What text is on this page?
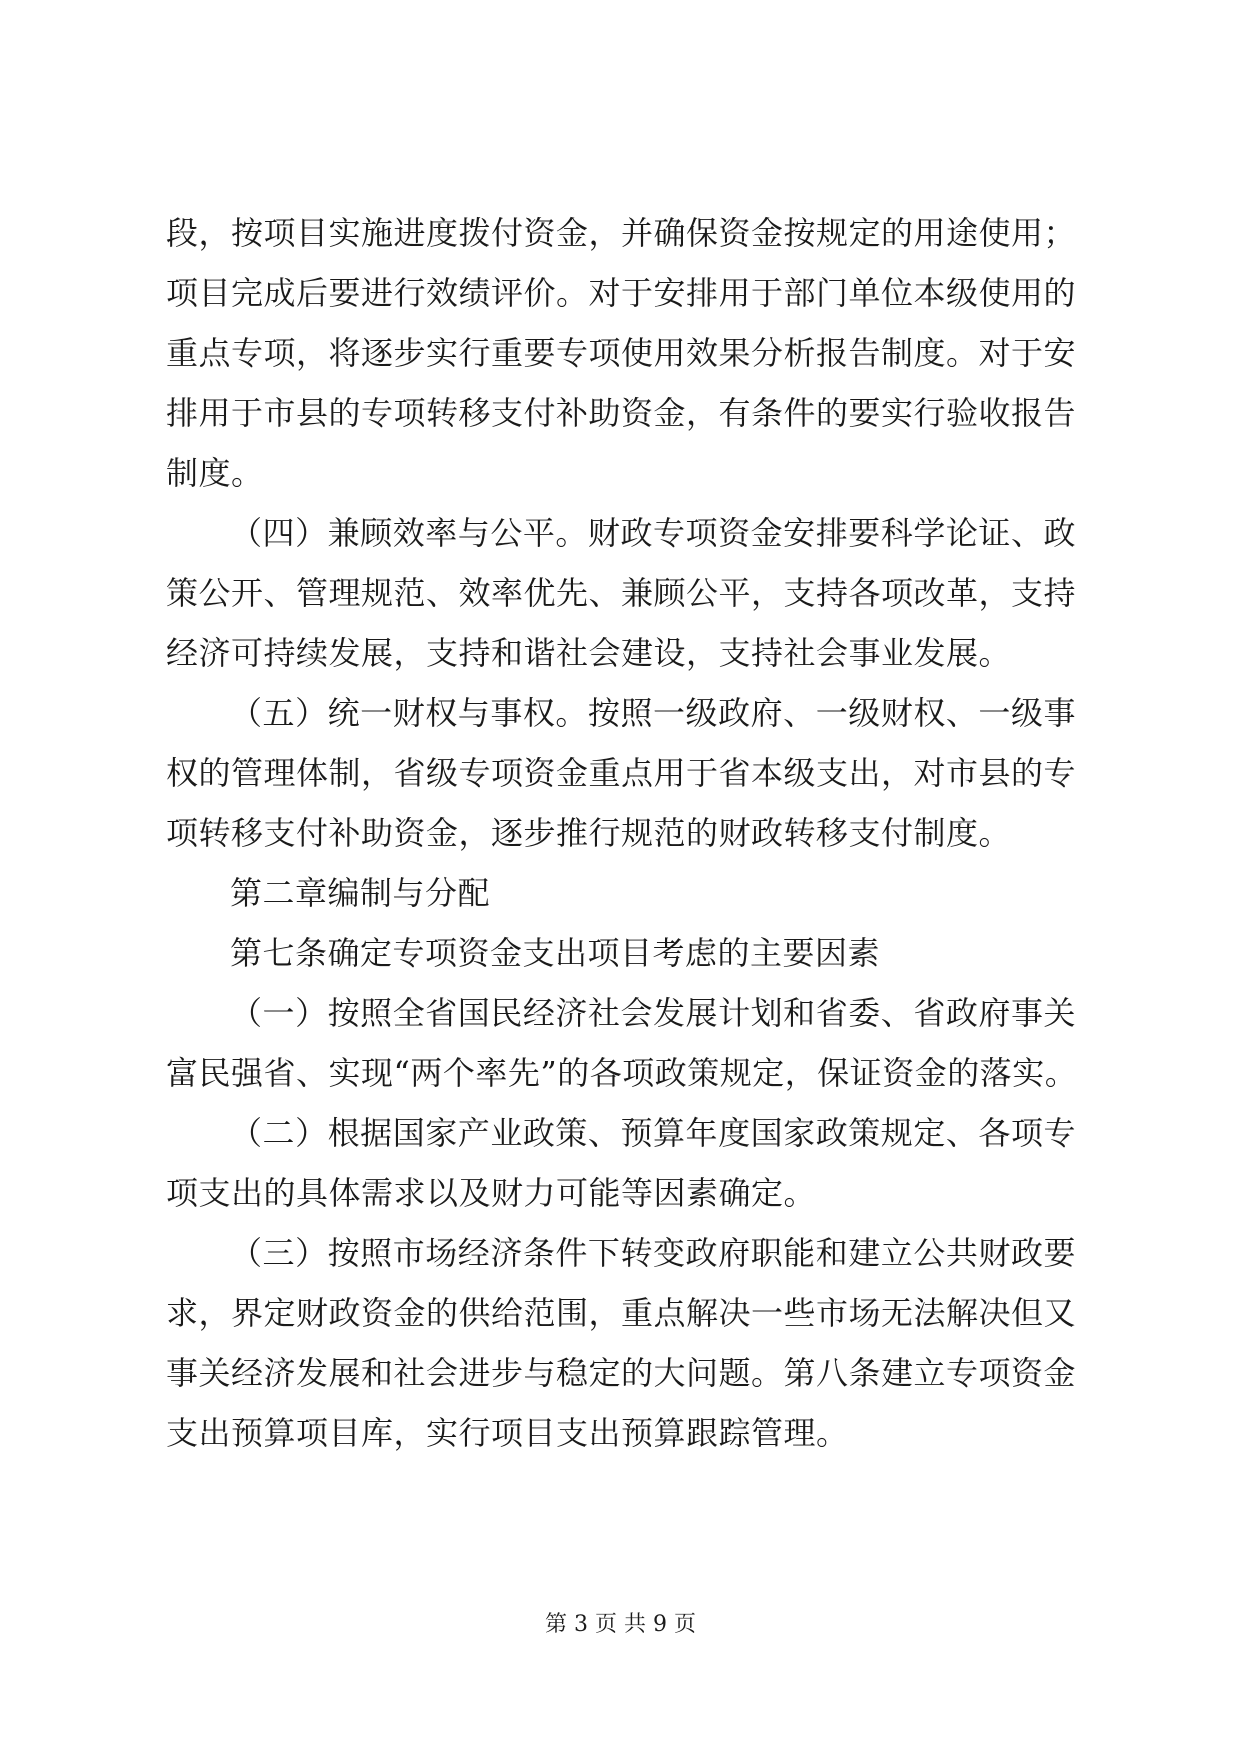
段，按项目实施进度拨付资金，并确保资金按规定的用途使用；
项目完成后要进行效绩评价。对于安排用于部门单位本级使用的
重点专项，将逐步实行重要专项使用效果分析报告制度。对于安
排用于市县的专项转移支付补助资金，有条件的要实行验收报告
制度。
（四）兼顾效率与公平。财政专项资金安排要科学论证、政
策公开、管理规范、效率优先、兼顾公平，支持各项改革，支持
经济可持续发展，支持和谐社会建设，支持社会事业发展。
（五）统一财权与事权。按照一级政府、一级财权、一级事
权的管理体制，省级专项资金重点用于省本级支出，对市县的专
项转移支付补助资金，逐步推行规范的财政转移支付制度。
第二章编制与分配
第七条确定专项资金支出项目考虑的主要因素
（一）按照全省国民经济社会发展计划和省委、省政府事关
富民强省、实现“两个率先”的各项政策规定，保证资金的落实。
（二）根据国家产业政策、预算年度国家政策规定、各项专
项支出的具体需求以及财力可能等因素确定。
（三）按照市场经济条件下转变政府职能和建立公共财政要
求，界定财政资金的供给范围，重点解决一些市场无法解决但又
事关经济发展和社会进步与稳定的大问题。第八条建立专项资金
支出预算项目库，实行项目支出预算跟踪管理。
第 3 页 共 9 页
